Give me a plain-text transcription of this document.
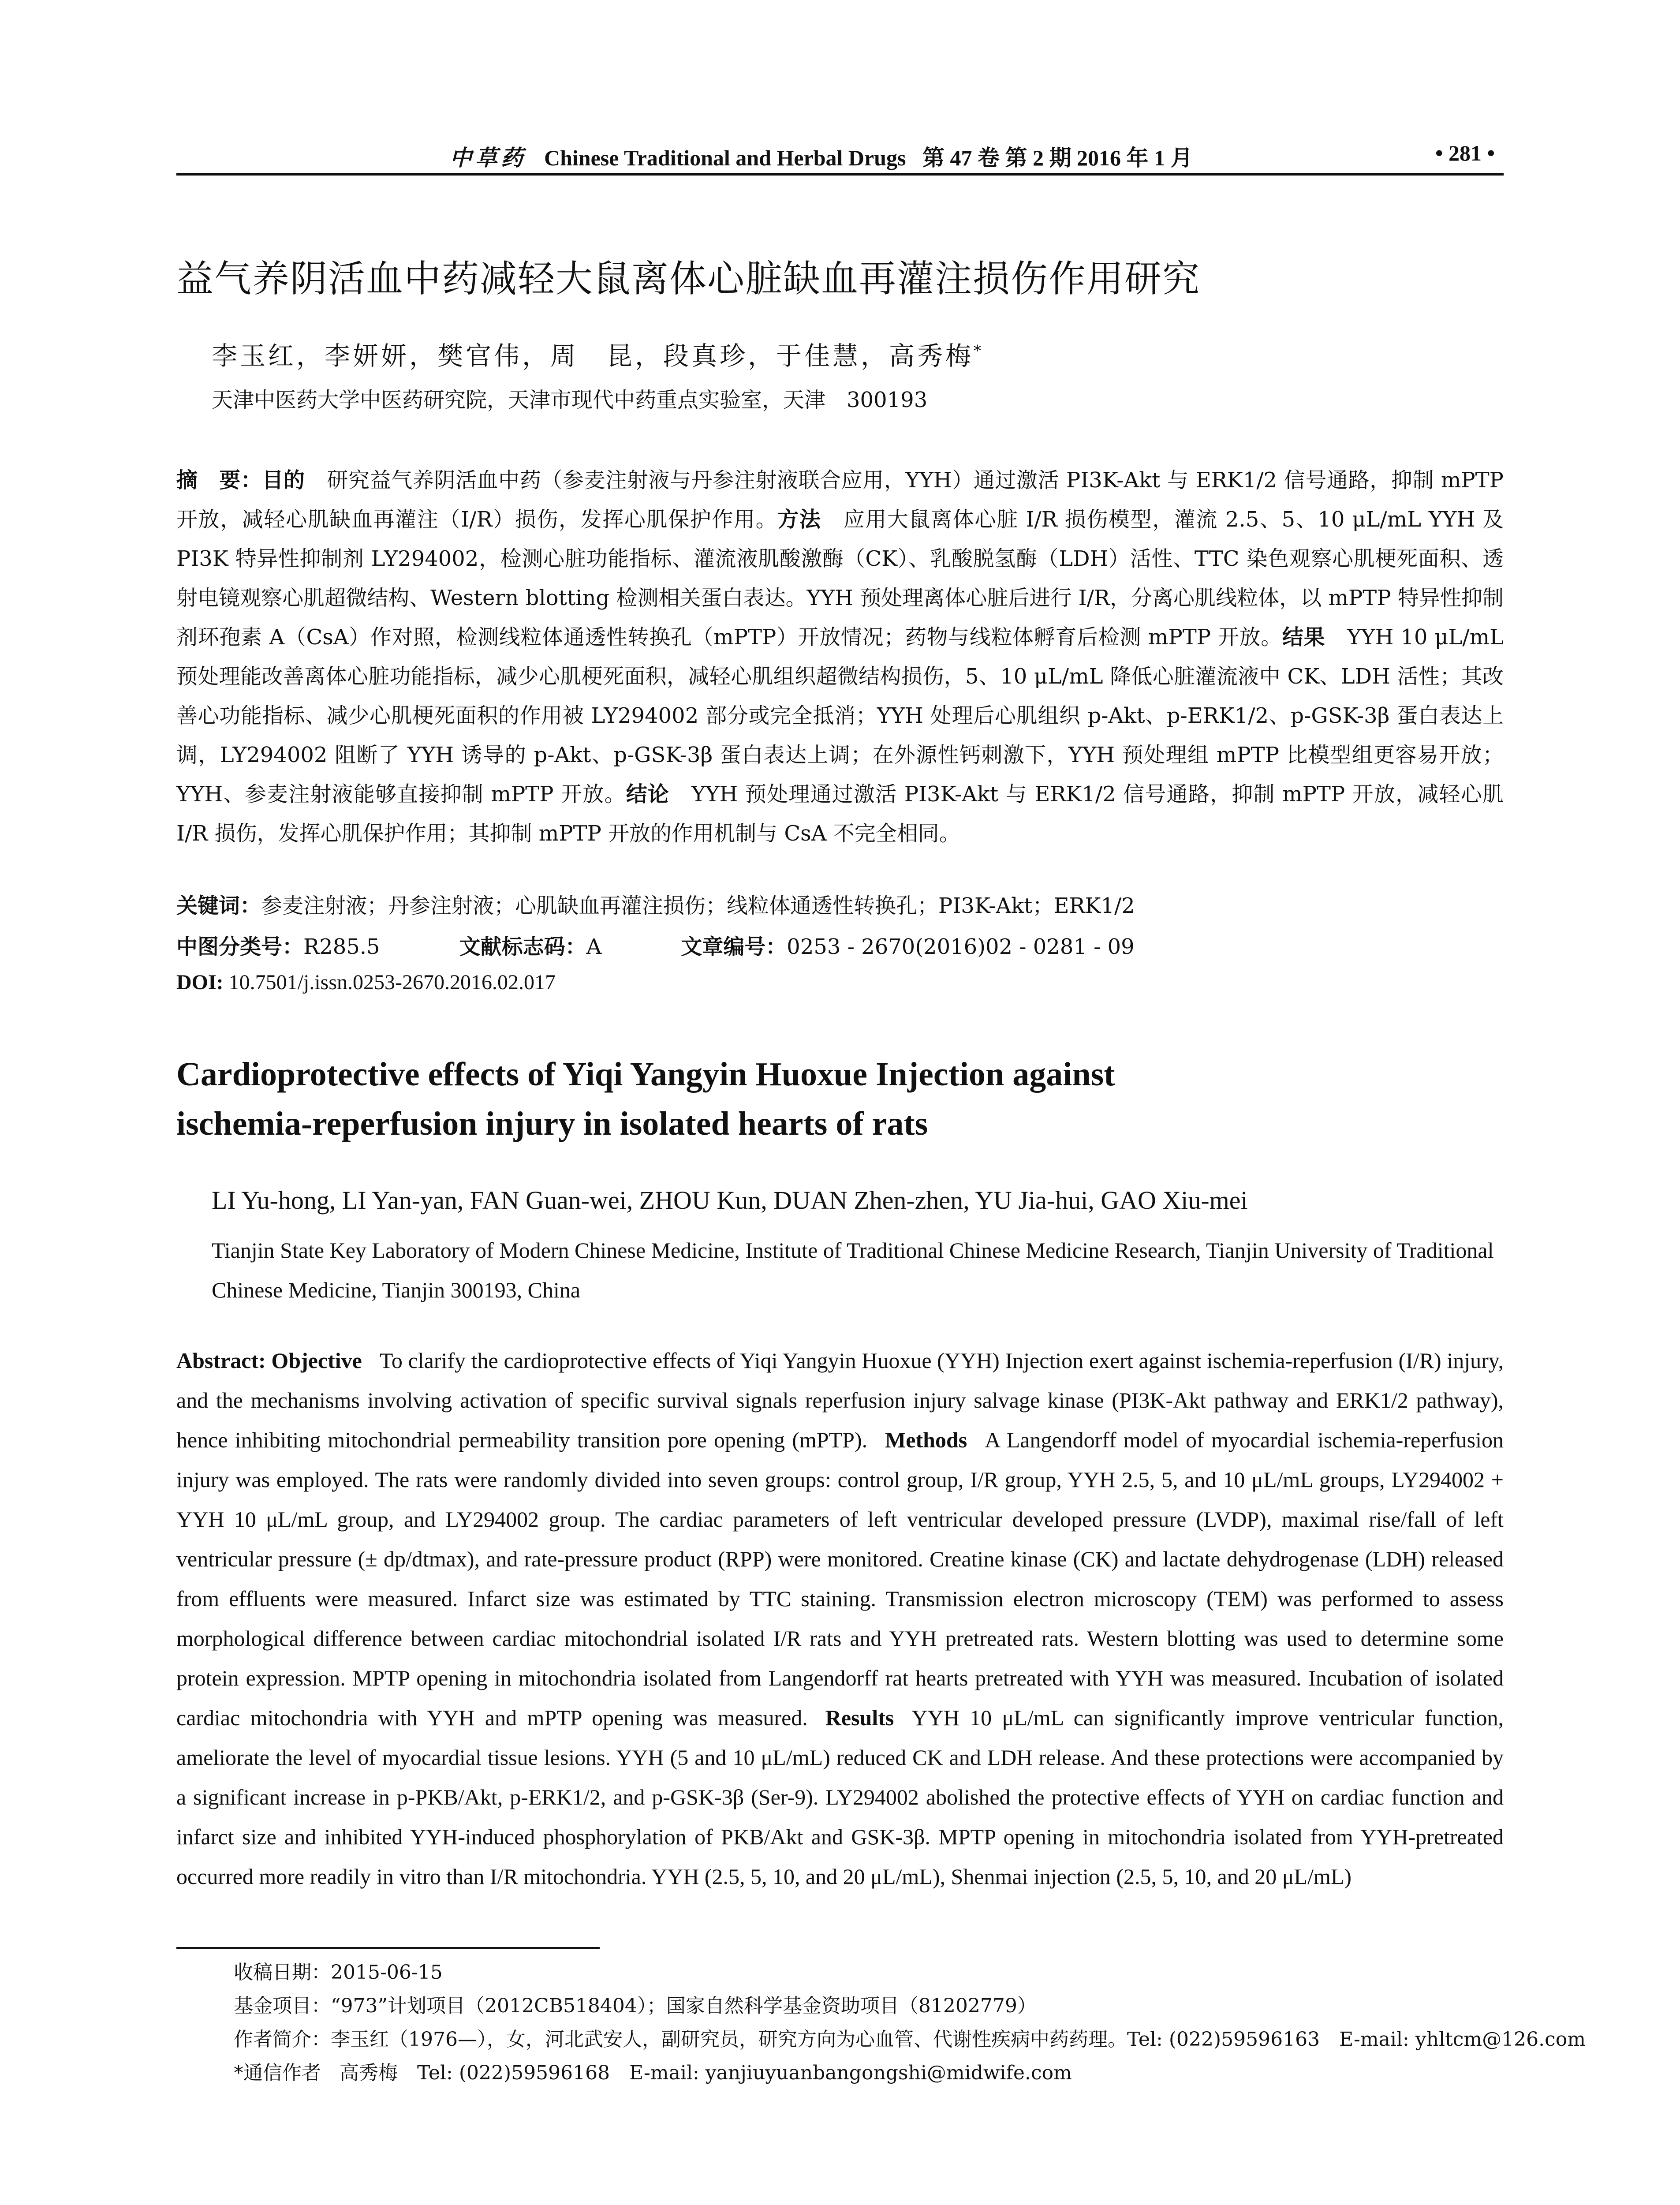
中草药 Chinese Traditional and Herbal Drugs 第 47 卷 第 2 期 2016 年 1 月	• 281 •
益气养阴活血中药减轻大鼠离体心脏缺血再灌注损伤作用研究
李玉红，李妍妍，樊官伟，周　昆，段真珍，于佳慧，高秀梅*
天津中医药大学中医药研究院，天津市现代中药重点实验室，天津　300193
摘　要：目的 研究益气养阴活血中药（参麦注射液与丹参注射液联合应用，YYH）通过激活 PI3K-Akt 与 ERK1/2 信号通路，抑制 mPTP 开放，减轻心肌缺血再灌注（I/R）损伤，发挥心肌保护作用。方法 应用大鼠离体心脏 I/R 损伤模型，灌流 2.5、5、10 μL/mL YYH 及 PI3K 特异性抑制剂 LY294002，检测心脏功能指标、灌流液肌酸激酶（CK）、乳酸脱氢酶（LDH）活性、TTC 染色观察心肌梗死面积、透射电镜观察心肌超微结构、Western blotting 检测相关蛋白表达。YYH 预处理离体心脏后进行 I/R，分离心肌线粒体，以 mPTP 特异性抑制剂环孢素 A（CsA）作对照，检测线粒体通透性转换孔（mPTP）开放情况；药物与线粒体孵育后检测 mPTP 开放。结果 YYH 10 μL/mL 预处理能改善离体心脏功能指标，减少心肌梗死面积，减轻心肌组织超微结构损伤，5、10 μL/mL 降低心脏灌流液中 CK、LDH 活性；其改善心功能指标、减少心肌梗死面积的作用被 LY294002 部分或完全抵消；YYH 处理后心肌组织 p-Akt、p-ERK1/2、p-GSK-3β 蛋白表达上调，LY294002 阻断了 YYH 诱导的 p-Akt、p-GSK-3β 蛋白表达上调；在外源性钙刺激下，YYH 预处理组 mPTP 比模型组更容易开放；YYH、参麦注射液能够直接抑制 mPTP 开放。结论 YYH 预处理通过激活 PI3K-Akt 与 ERK1/2 信号通路，抑制 mPTP 开放，减轻心肌 I/R 损伤，发挥心肌保护作用；其抑制 mPTP 开放的作用机制与 CsA 不完全相同。
关键词：参麦注射液；丹参注射液；心肌缺血再灌注损伤；线粒体通透性转换孔；PI3K-Akt；ERK1/2
中图分类号：R285.5	文献标志码：A	文章编号：0253 - 2670(2016)02 - 0281 - 09
DOI: 10.7501/j.issn.0253-2670.2016.02.017
Cardioprotective effects of Yiqi Yangyin Huoxue Injection against
ischemia-reperfusion injury in isolated hearts of rats
LI Yu-hong, LI Yan-yan, FAN Guan-wei, ZHOU Kun, DUAN Zhen-zhen, YU Jia-hui, GAO Xiu-mei
Tianjin State Key Laboratory of Modern Chinese Medicine, Institute of Traditional Chinese Medicine Research, Tianjin University of Traditional Chinese Medicine, Tianjin 300193, China
Abstract: Objective To clarify the cardioprotective effects of Yiqi Yangyin Huoxue (YYH) Injection exert against ischemia-reperfusion (I/R) injury, and the mechanisms involving activation of specific survival signals reperfusion injury salvage kinase (PI3K-Akt pathway and ERK1/2 pathway), hence inhibiting mitochondrial permeability transition pore opening (mPTP). Methods A Langendorff model of myocardial ischemia-reperfusion injury was employed. The rats were randomly divided into seven groups: control group, I/R group, YYH 2.5, 5, and 10 μL/mL groups, LY294002 + YYH 10 μL/mL group, and LY294002 group. The cardiac parameters of left ventricular developed pressure (LVDP), maximal rise/fall of left ventricular pressure (± dp/dtmax), and rate-pressure product (RPP) were monitored. Creatine kinase (CK) and lactate dehydrogenase (LDH) released from effluents were measured. Infarct size was estimated by TTC staining. Transmission electron microscopy (TEM) was performed to assess morphological difference between cardiac mitochondrial isolated I/R rats and YYH pretreated rats. Western blotting was used to determine some protein expression. MPTP opening in mitochondria isolated from Langendorff rat hearts pretreated with YYH was measured. Incubation of isolated cardiac mitochondria with YYH and mPTP opening was measured. Results YYH 10 μL/mL can significantly improve ventricular function, ameliorate the level of myocardial tissue lesions. YYH (5 and 10 μL/mL) reduced CK and LDH release. And these protections were accompanied by a significant increase in p-PKB/Akt, p-ERK1/2, and p-GSK-3β (Ser-9). LY294002 abolished the protective effects of YYH on cardiac function and infarct size and inhibited YYH-induced phosphorylation of PKB/Akt and GSK-3β. MPTP opening in mitochondria isolated from YYH-pretreated occurred more readily in vitro than I/R mitochondria. YYH (2.5, 5, 10, and 20 μL/mL), Shenmai injection (2.5, 5, 10, and 20 μL/mL)
收稿日期：2015-06-15
基金项目：“973”计划项目（2012CB518404）；国家自然科学基金资助项目（81202779）
作者简介：李玉红（1976—），女，河北武安人，副研究员，研究方向为心血管、代谢性疾病中药药理。Tel: (022)59596163　E-mail: yhltcm@126.com
*通信作者 高秀梅　Tel: (022)59596168　E-mail: yanjiuyuanbangongshi@midwife.com
